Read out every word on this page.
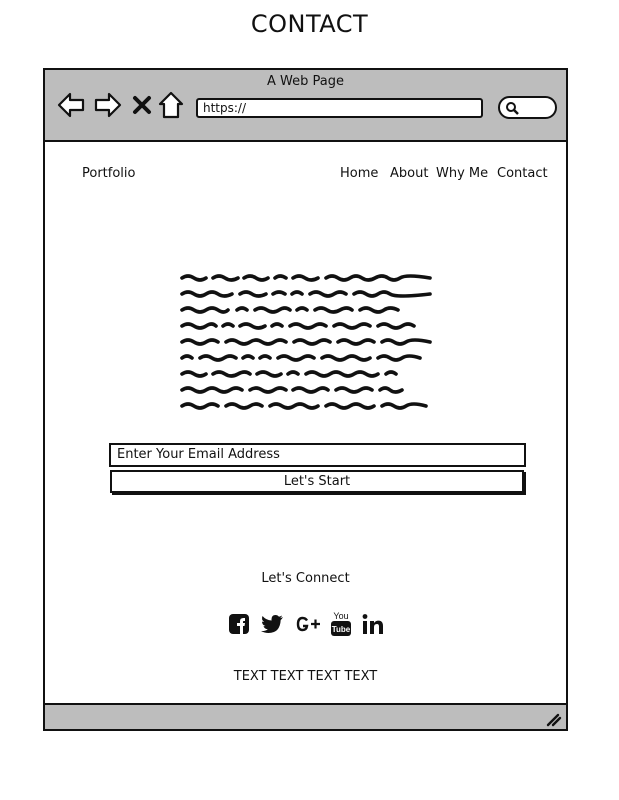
CONTACT
A Web Page
https://
Portfolio	Home About Why Me Contact
Enter Your Email Address
Let's Start
Let's Connect
You
Tube
TEXT TEXT TEXT TEXT
